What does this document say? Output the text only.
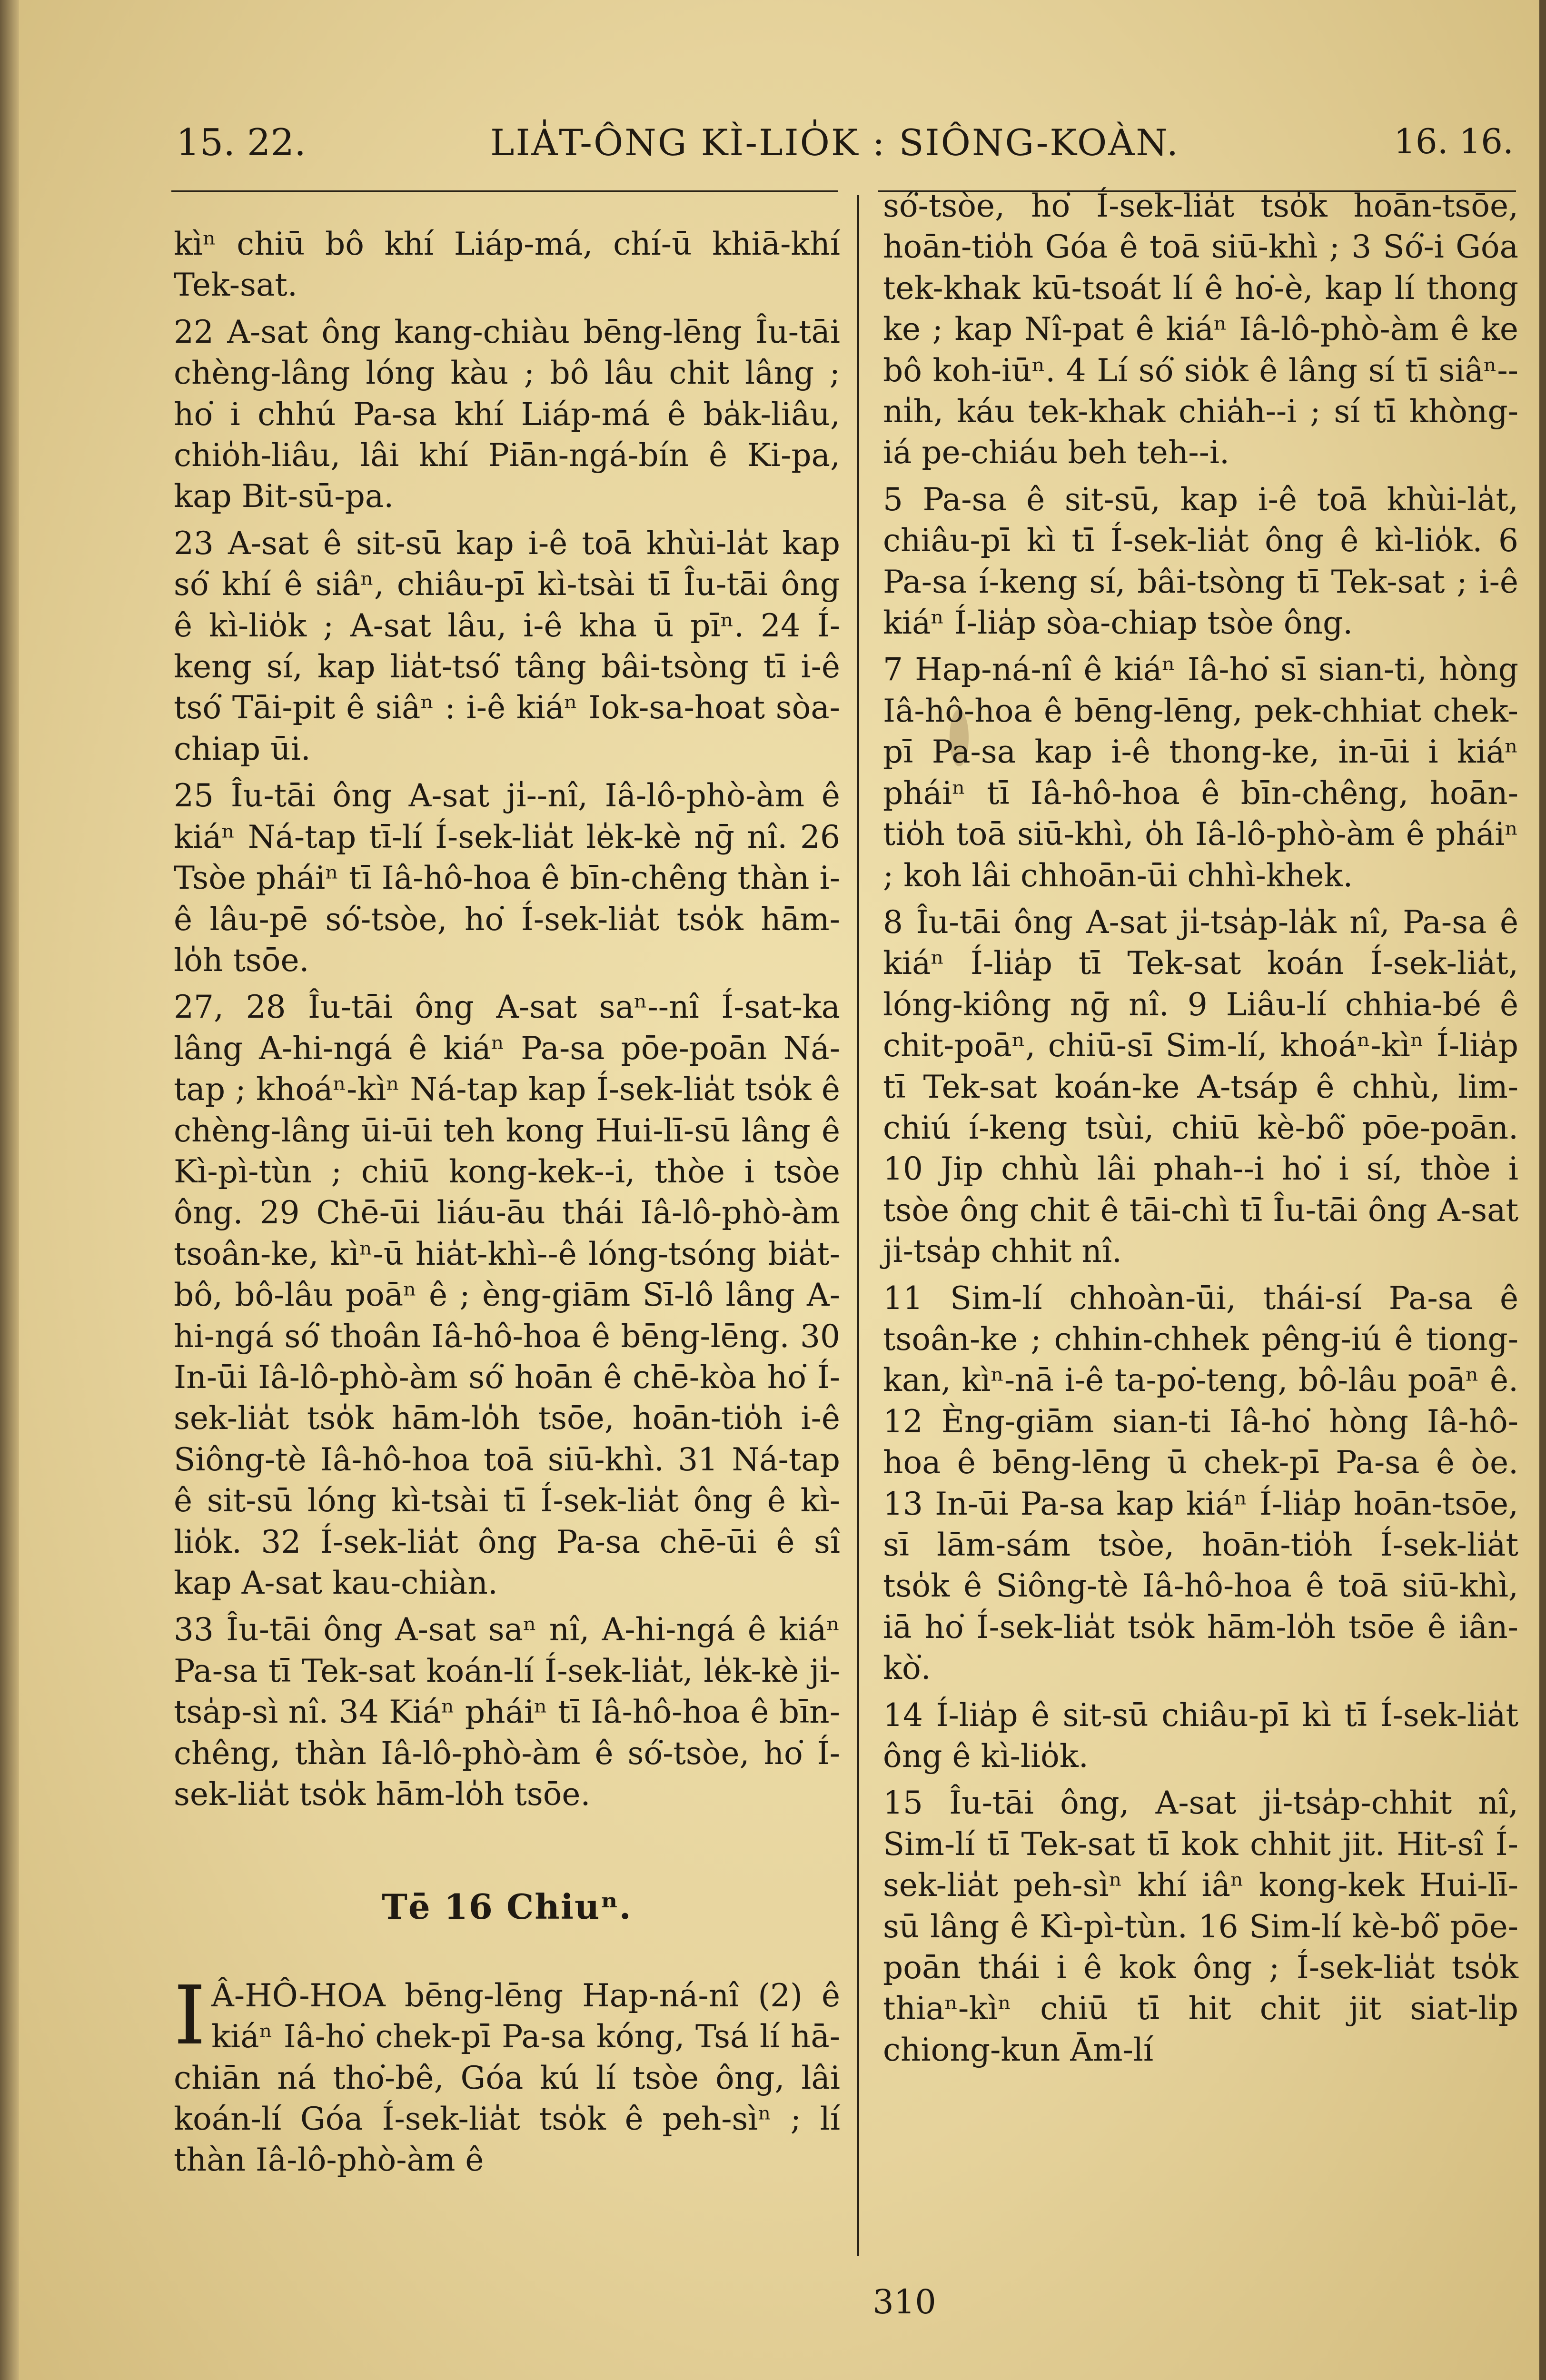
15. 22.	LIA̍T-ÔNG KÌ-LIO̍K : SIÔNG-KOÀN.	16. 16.

kìⁿ chiū bô khí Liáp-má, chí-ū khiā-khí Tek-sat.

22 A-sat ông kang-chiàu bēng-lēng Îu-tāi chèng-lâng lóng kàu ; bô lâu chit lâng ; ho͘ i chhú Pa-sa khí Liáp-má ê ba̍k-liâu, chio̍h-liâu, lâi khí Piān-ngá-bín ê Ki-pa, kap Bit-sū-pa.

23 A-sat ê sit-sū kap i-ê toā khùi-la̍t kap só͘ khí ê siâⁿ, chiâu-pī kì-tsài tī Îu-tāi ông ê kì-lio̍k ; A-sat lâu, i-ê kha ū pīⁿ. 24 Í-keng sí, kap lia̍t-tsó͘ tâng bâi-tsòng tī i-ê tsó͘ Tāi-pit ê siâⁿ : i-ê kiáⁿ Iok-sa-hoat sòa-chiap ūi.

25 Îu-tāi ông A-sat ji̍--nî, Iâ-lô-phò-àm ê kiáⁿ Ná-tap tī-lí Í-sek-lia̍t le̍k-kè nḡ nî. 26 Tsòe pháiⁿ tī Iâ-hô-hoa ê bīn-chêng thàn i-ê lâu-pē só͘-tsòe, ho͘ Í-sek-lia̍t tso̍k hām-lo̍h tsōe.

27, 28 Îu-tāi ông A-sat saⁿ--nî Í-sat-ka lâng A-hi-ngá ê kiáⁿ Pa-sa pōe-poān Ná-tap ; khoáⁿ-kìⁿ Ná-tap kap Í-sek-lia̍t tso̍k ê chèng-lâng ūi-ūi teh kong Hui-lī-sū lâng ê Kì-pì-tùn ; chiū kong-kek--i, thòe i tsòe ông. 29 Chē-ūi liáu-āu thái Iâ-lô-phò-àm tsoân-ke, kìⁿ-ū hia̍t-khì--ê lóng-tsóng bia̍t-bô, bô-lâu poāⁿ ê ; èng-giām Sī-lô lâng A-hi-ngá só͘ thoân Iâ-hô-hoa ê bēng-lēng. 30 In-ūi Iâ-lô-phò-àm só͘ hoān ê chē-kòa ho͘ Í-sek-lia̍t tso̍k hām-lo̍h tsōe, hoān-tio̍h i-ê Siông-tè Iâ-hô-hoa toā siū-khì. 31 Ná-tap ê sit-sū lóng kì-tsài tī Í-sek-lia̍t ông ê kì-lio̍k. 32 Í-sek-lia̍t ông Pa-sa chē-ūi ê sî kap A-sat kau-chiàn.

33 Îu-tāi ông A-sat saⁿ nî, A-hi-ngá ê kiáⁿ Pa-sa tī Tek-sat koán-lí Í-sek-lia̍t, le̍k-kè ji̍-tsa̍p-sì nî. 34 Kiáⁿ pháiⁿ tī Iâ-hô-hoa ê bīn-chêng, thàn Iâ-lô-phò-àm ê só͘-tsòe, ho͘ Í-sek-lia̍t tso̍k hām-lo̍h tsōe.

Tē 16 Chiuⁿ.

I Â-HÔ-HOA bēng-lēng Hap-ná-nî (2) ê kiáⁿ Iâ-ho͘ chek-pī Pa-sa kóng, Tsá lí hā-chiān ná tho͘-bê, Góa kú lí tsòe ông, lâi koán-lí Góa Í-sek-lia̍t tso̍k ê peh-sìⁿ ; lí thàn Iâ-lô-phò-àm ê

só͘-tsòe, ho͘ Í-sek-lia̍t tso̍k hoān-tsōe, hoān-tio̍h Góa ê toā siū-khì ; 3 Só͘-i Góa tek-khak kū-tsoát lí ê ho͘-è, kap lí thong ke ; kap Nî-pat ê kiáⁿ Iâ-lô-phò-àm ê ke bô koh-iūⁿ. 4 Lí só͘ sio̍k ê lâng sí tī siâⁿ--ni̍h, káu tek-khak chia̍h--i ; sí tī khòng-iá pe-chiáu beh teh--i.

5 Pa-sa ê sit-sū, kap i-ê toā khùi-la̍t, chiâu-pī kì tī Í-sek-lia̍t ông ê kì-lio̍k. 6 Pa-sa í-keng sí, bâi-tsòng tī Tek-sat ; i-ê kiáⁿ Í-lia̍p sòa-chiap tsòe ông.

7 Hap-ná-nî ê kiáⁿ Iâ-ho͘ sī sian-ti, hòng Iâ-hô-hoa ê bēng-lēng, pek-chhiat chek-pī Pa-sa kap i-ê thong-ke, in-ūi i kiáⁿ pháiⁿ tī Iâ-hô-hoa ê bīn-chêng, hoān-tio̍h toā siū-khì, o̍h Iâ-lô-phò-àm ê pháiⁿ ; koh lâi chhoān-ūi chhì-khek.

8 Îu-tāi ông A-sat ji̍-tsa̍p-la̍k nî, Pa-sa ê kiáⁿ Í-lia̍p tī Tek-sat koán Í-sek-lia̍t, lóng-kiông nḡ nî. 9 Liâu-lí chhia-bé ê chit-poāⁿ, chiū-sī Sim-lí, khoáⁿ-kìⁿ Í-lia̍p tī Tek-sat koán-ke A-tsáp ê chhù, lim-chiú í-keng tsùi, chiū kè-bô͘ pōe-poān. 10 Jip chhù lâi phah--i ho͘ i sí, thòe i tsòe ông chit ê tāi-chì tī Îu-tāi ông A-sat ji̍-tsa̍p chhit nî.

11 Sim-lí chhoàn-ūi, thái-sí Pa-sa ê tsoân-ke ; chhin-chhek pêng-iú ê tiong-kan, kìⁿ-nā i-ê ta-po͘-teng, bô-lâu poāⁿ ê. 12 Èng-giām sian-ti Iâ-ho͘ hòng Iâ-hô-hoa ê bēng-lēng ū chek-pī Pa-sa ê òe. 13 In-ūi Pa-sa kap kiáⁿ Í-lia̍p hoān-tsōe, sī lām-sám tsòe, hoān-tio̍h Í-sek-lia̍t tso̍k ê Siông-tè Iâ-hô-hoa ê toā siū-khì, iā ho͘ Í-sek-lia̍t tso̍k hām-lo̍h tsōe ê iân-kò͘.

14 Í-lia̍p ê sit-sū chiâu-pī kì tī Í-sek-lia̍t ông ê kì-lio̍k.

15 Îu-tāi ông, A-sat ji̍-tsa̍p-chhit nî, Sim-lí tī Tek-sat tī kok chhit jit. Hit-sî Í-sek-lia̍t peh-sìⁿ khí iâⁿ kong-kek Hui-lī-sū lâng ê Kì-pì-tùn. 16 Sim-lí kè-bô͘ pōe-poān thái i ê kok ông ; Í-sek-lia̍t tso̍k thiaⁿ-kìⁿ chiū tī hit chit jit siat-li̍p chiong-kun Ām-lí

310
